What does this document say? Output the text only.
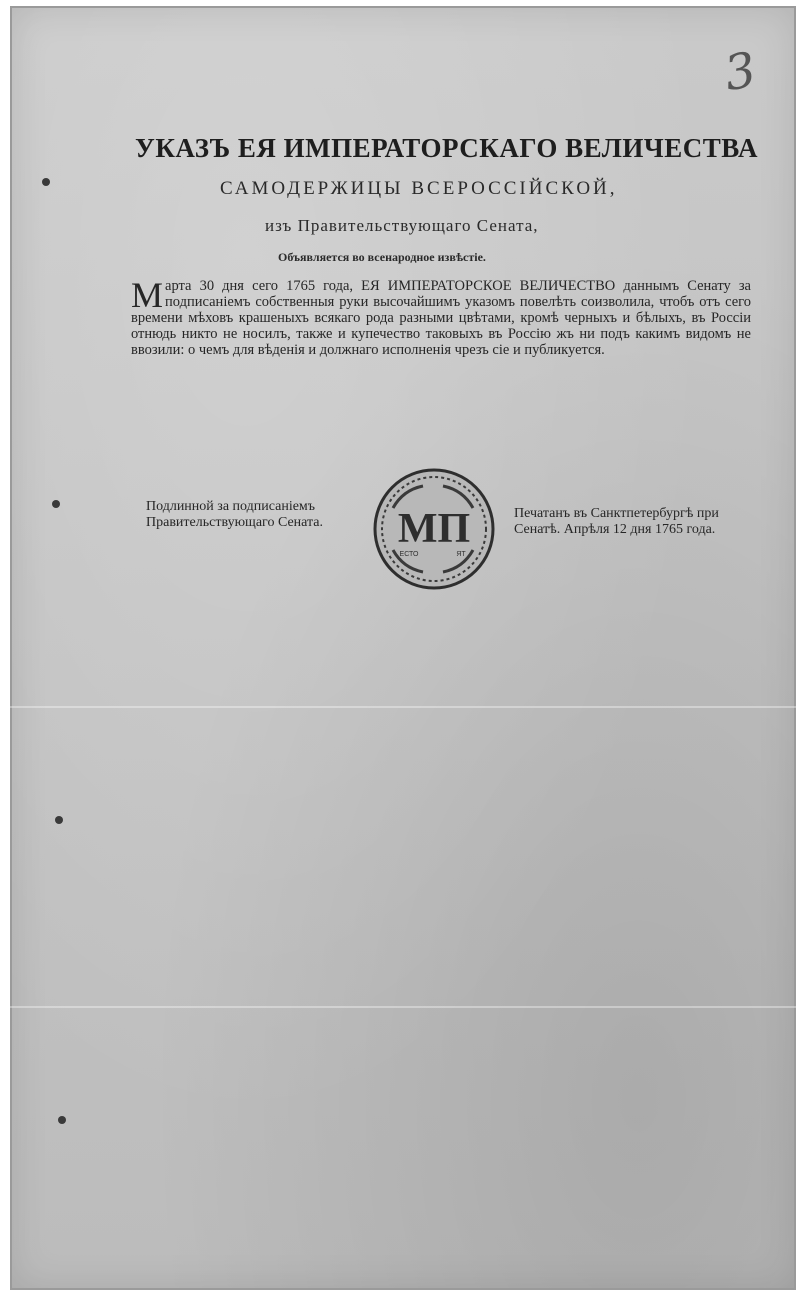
3
УКАЗЪ ЕЯ ИМПЕРАТОРСКАГО ВЕЛИЧЕСТВА
САМОДЕРЖИЦЫ ВСЕРОССІЙСКОЙ,
изъ Правительствующаго Сената,
Объявляется во всенародное извѣстіе.
Марта 30 дня сего 1765 года, ЕЯ ИМПЕРАТОРСКОЕ ВЕЛИЧЕСТВО даннымъ Сенату за подписаніемъ собственныя руки высочайшимъ указомъ повелѣть соизволила, чтобъ отъ сего времени мѣховъ крашеныхъ всякаго рода разными цвѣтами, кромѣ черныхъ и бѣлыхъ, въ Россіи отнюдь никто не носилъ, также и купечество таковыхъ въ Россію жъ ни подъ какимъ видомъ не ввозили: о чемъ для вѣденія и должнаго исполненія чрезъ сіе и публикуется.
Подлинной за подписаніемъ Правительствующаго Сената.	МП
ЕСТО	ЯТ
Печатанъ въ Санктпетербургѣ при Сенатѣ. Апрѣля 12 дня 1765 года.
